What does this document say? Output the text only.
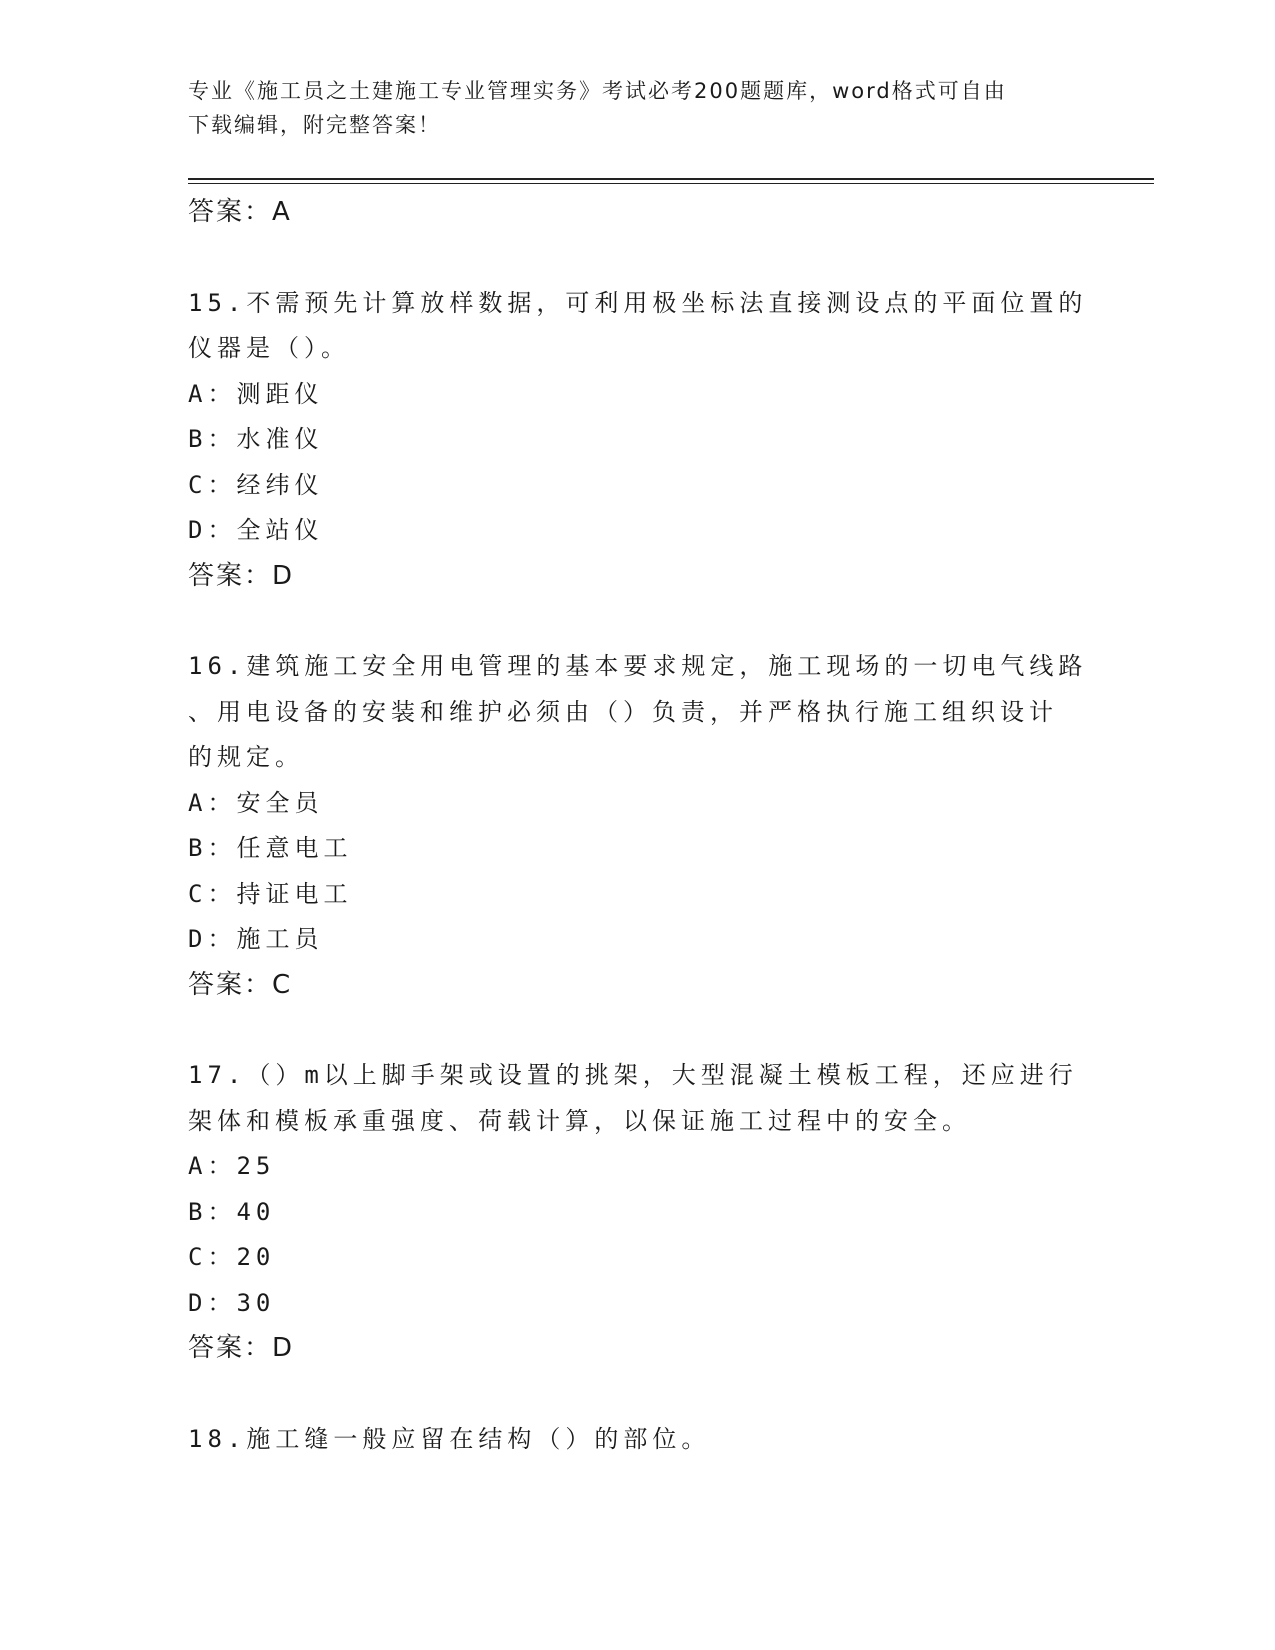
专业《施工员之土建施工专业管理实务》考试必考200题题库，word格式可自由
下载编辑，附完整答案！
答案：A
15.不需预先计算放样数据，可利用极坐标法直接测设点的平面位置的
仪器是（）。
A：测距仪
B：水准仪
C：经纬仪
D：全站仪
答案：D
16.建筑施工安全用电管理的基本要求规定，施工现场的一切电气线路
、用电设备的安装和维护必须由（）负责，并严格执行施工组织设计
的规定。
A：安全员
B：任意电工
C：持证电工
D：施工员
答案：C
17.（）m以上脚手架或设置的挑架，大型混凝土模板工程，还应进行
架体和模板承重强度、荷载计算，以保证施工过程中的安全。
A：25
B：40
C：20
D：30
答案：D
18.施工缝一般应留在结构（）的部位。
